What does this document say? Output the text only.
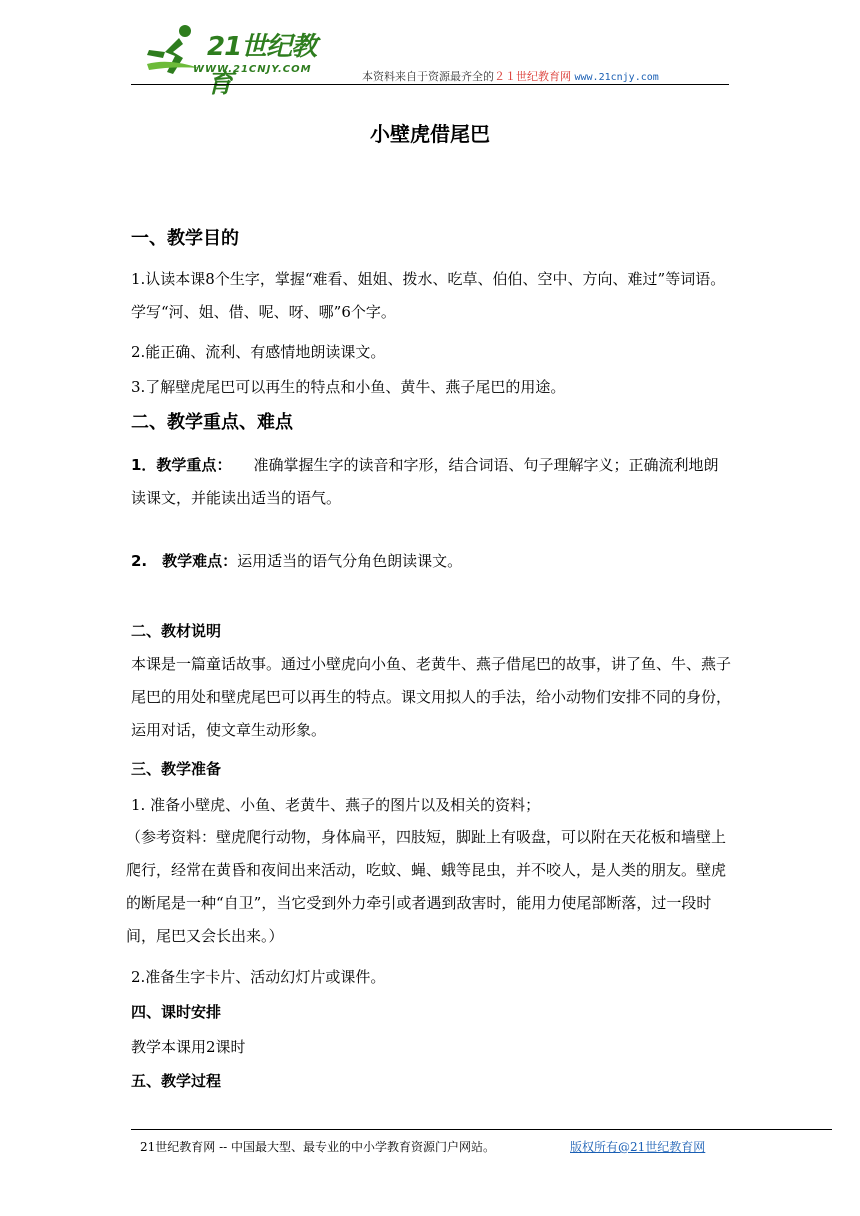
21世纪教育
WWW.21CNJY.COM
本资料来自于资源最齐全的２１世纪教育网 www.21cnjy.com
小壁虎借尾巴
一、教学目的
1.认读本课8个生字，掌握“难看、姐姐、拨水、吃草、伯伯、空中、方向、难过”等词语。学写“河、姐、借、呢、呀、哪”6个字。
2.能正确、流利、有感情地朗读课文。
3.了解壁虎尾巴可以再生的特点和小鱼、黄牛、燕子尾巴的用途。
二、教学重点、难点
1．教学重点： 准确掌握生字的读音和字形，结合词语、句子理解字义；正确流利地朗读课文，并能读出适当的语气。
2.　教学难点：运用适当的语气分角色朗读课文。
二、教材说明
本课是一篇童话故事。通过小壁虎向小鱼、老黄牛、燕子借尾巴的故事，讲了鱼、牛、燕子尾巴的用处和壁虎尾巴可以再生的特点。课文用拟人的手法，给小动物们安排不同的身份，运用对话，使文章生动形象。
三、教学准备
1. 准备小壁虎、小鱼、老黄牛、燕子的图片以及相关的资料；
（参考资料：壁虎爬行动物，身体扁平，四肢短，脚趾上有吸盘，可以附在天花板和墙壁上爬行，经常在黄昏和夜间出来活动，吃蚊、蝇、蛾等昆虫，并不咬人，是人类的朋友。壁虎的断尾是一种“自卫”，当它受到外力牵引或者遇到敌害时，能用力使尾部断落，过一段时间，尾巴又会长出来。）
2.准备生字卡片、活动幻灯片或课件。
四、课时安排
教学本课用2课时
五、教学过程
21世纪教育网 -- 中国最大型、最专业的中小学教育资源门户网站。	版权所有@21世纪教育网
